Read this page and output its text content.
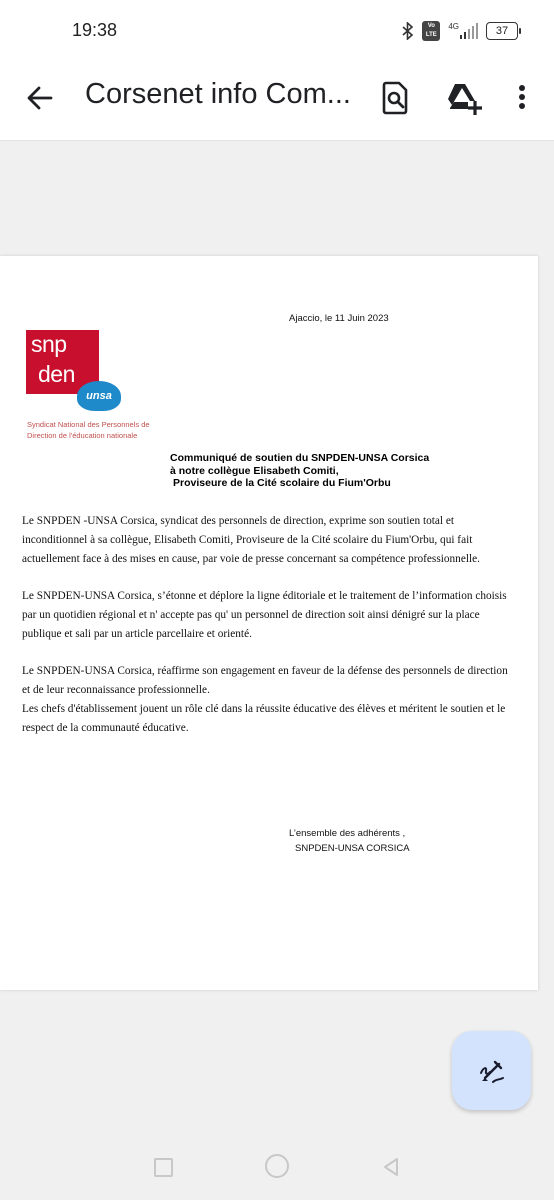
19:38	Vo
LTE
4G	37
Corsenet info Com...
Ajaccio, le 11 Juin 2023
snp
den
unsa
Syndicat National des Personnels de
Direction de l'éducation nationale
Communiqué de soutien du SNPDEN-UNSA Corsica
à notre collègue Elisabeth Comiti,
Proviseure de la Cité scolaire du Fium'Orbu

Le SNPDEN -UNSA Corsica, syndicat des personnels de direction, exprime son soutien total et inconditionnel à sa collègue, Elisabeth Comiti, Proviseure de la Cité scolaire du Fium'Orbu, qui fait actuellement face à des mises en cause, par voie de presse concernant sa compétence professionnelle.

Le SNPDEN-UNSA Corsica, s’étonne et déplore la ligne éditoriale et le traitement de l’information choisis par un quotidien régional et n' accepte pas qu' un personnel de direction soit ainsi dénigré sur la place publique et sali par un article parcellaire et orienté.

Le SNPDEN-UNSA Corsica, réaffirme son engagement en faveur de la défense des personnels de direction et de leur reconnaissance professionnelle.

Les chefs d'établissement jouent un rôle clé dans la réussite éducative des élèves et méritent le soutien et le respect de la communauté éducative.

L’ensemble des adhérents ,
SNPDEN-UNSA CORSICA
